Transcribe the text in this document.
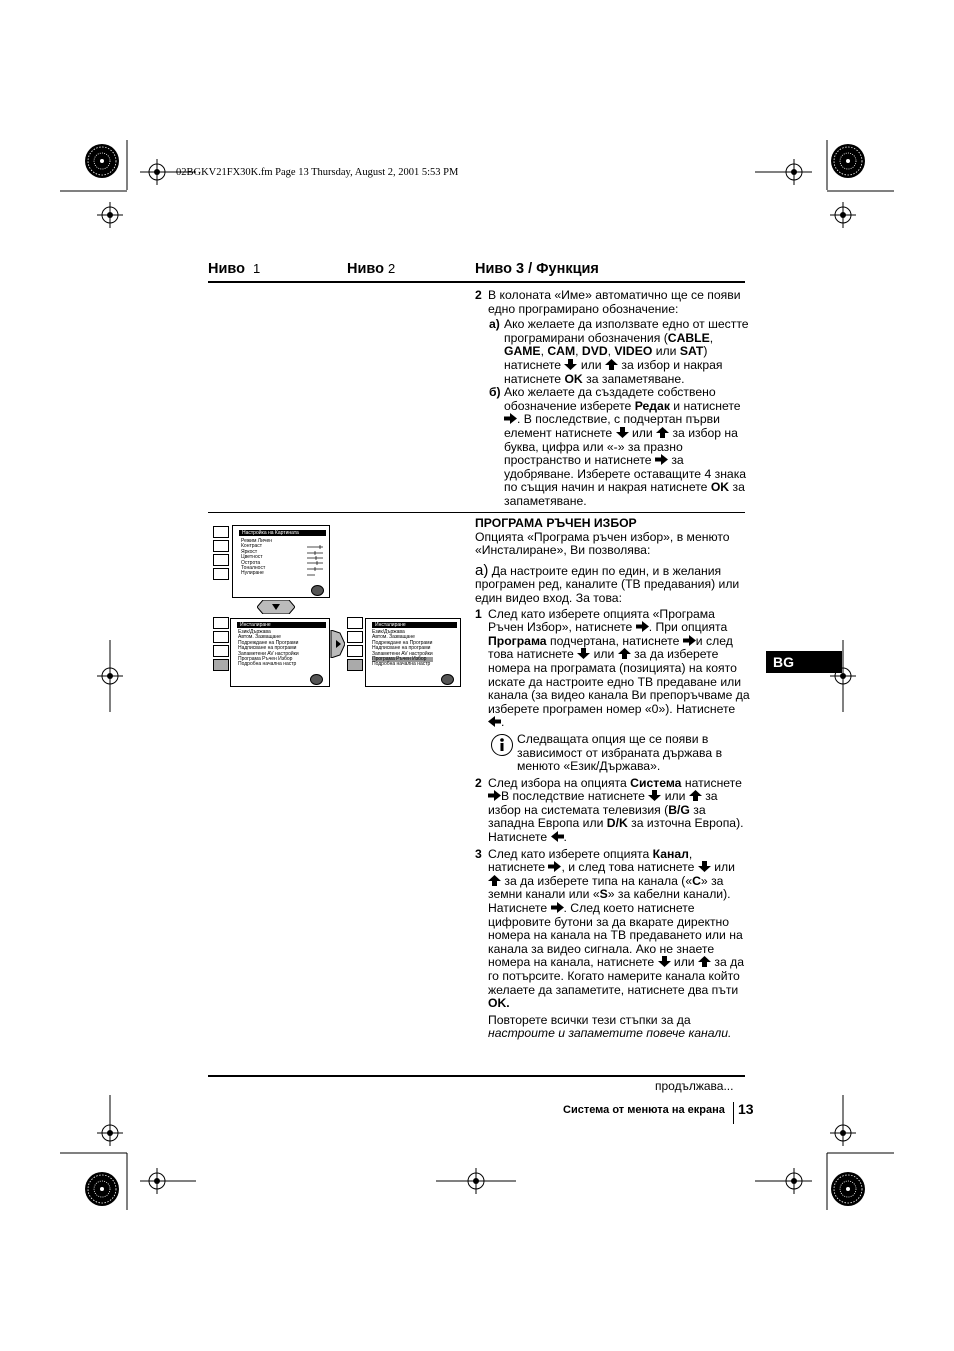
02BGKV21FX30K.fm Page 13 Thursday, August 2, 2001 5:53 PM
Ниво 1	Ниво 2	Ниво 3 / Функция

2 В колоната «Име» автоматично ще се появи едно програмирано обозначение:

a) Ако желаете да използвате едно от шестте програмирани обозначения (CABLE, GAME, CAM, DVD, VIDEO или SAT) натиснете или за избор и накрая натиснете OK за запаметяване.

б) Ако желаете да създадете собствено обозначение изберете Редак и натиснете
. В последствие, с подчертан първи елемент натиснете или за избор на буква, цифра или «-» за празно пространство и натиснете за удобряване. Изберете оставащите 4 знака по същия начин и накрая натиснете OK за запаметяване.

ПРОГРАМА РЪЧЕН ИЗБОР

Опцията «Програма ръчен избор», в менюто «Инсталиране», Ви позволява:

a) Да настроите един по един, и в желания програмен ред, каналите (ТВ предавания) или един видео вход. За това:

1 След като изберете опцията «Програма Ръчен Избор», натиснете . При опцията Програма подчертана, натиснете и след това натиснете или за да изберете номера на програмата (позицията) на която искате да настроите едно ТВ предаване или канала (за видео канала Ви препоръчваме да изберете програмен номер «0»). Натиснете
.

Следващата опция ще се появи в зависимост от избраната държава в менюто «Език/Държава».

2 След избора на опцията Система натиснете
В последствие натиснете или за избор на системата телевизия (B/G за западна Европа или D/K за източна Европа). Натиснете .

3 След като изберете опцията Канал, натиснете , и след това натиснете или
за да изберете типа на канала («C» за земни канали или «S» за кабелни канали). Натиснете . След което натиснете цифровите бутони за да вкарате директно номера на канала на ТВ предаването или на канала за видео сигнала. Ако не знаете номера на канала, натиснете или за да го потърсите. Когато намерите канала който желаете да запаметите, натиснете два пъти OK.

Повторете всички тези стъпки за да настроите и запаметите повече канали.

Настройка на Картината
Режим Личен
Контраст
Яркост
Цветност
Острота
Тоналност
Нулиране
Инсталиране
Език/Държава
Автом. Зазващане
Подреждане на Програми
Надписване на програми
Запаметени AV настройки
Програма Ръчен Избор
Подробна начална настр
Инсталиране
Език/Държава
Автом. Зазващане
Подреждане на Програми
Надписване на програми
Запаметени AV настройки
Програма Ръчен Избор
Подробна начална настр	BG
продължава...
Система от менюта на екрана 13
